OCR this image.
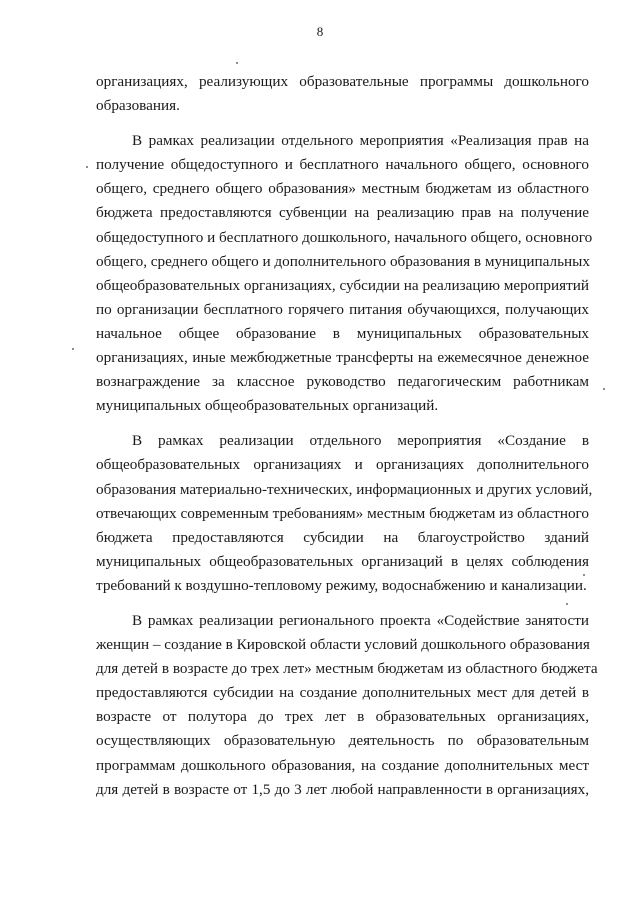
8

организациях, реализующих образовательные программы дошкольного
образования.
В рамках реализации отдельного мероприятия «Реализация прав на
получение общедоступного и бесплатного начального общего, основного
общего, среднего общего образования» местным бюджетам из областного
бюджета предоставляются субвенции на реализацию прав на получение
общедоступного и бесплатного дошкольного, начального общего, основного
общего, среднего общего и дополнительного образования в муниципальных
общеобразовательных организациях, субсидии на реализацию мероприятий
по организации бесплатного горячего питания обучающихся, получающих
начальное общее образование в муниципальных образовательных
организациях, иные межбюджетные трансферты на ежемесячное денежное
вознаграждение за классное руководство педагогическим работникам
муниципальных общеобразовательных организаций.
В рамках реализации отдельного мероприятия «Создание в
общеобразовательных организациях и организациях дополнительного
образования материально-технических, информационных и других условий,
отвечающих современным требованиям» местным бюджетам из областного
бюджета предоставляются субсидии на благоустройство зданий
муниципальных общеобразовательных организаций в целях соблюдения
требований к воздушно-тепловому режиму, водоснабжению и канализации.
В рамках реализации регионального проекта «Содействие занятости
женщин – создание в Кировской области условий дошкольного образования
для детей в возрасте до трех лет» местным бюджетам из областного бюджета
предоставляются субсидии на создание дополнительных мест для детей в
возрасте от полутора до трех лет в образовательных организациях,
осуществляющих образовательную деятельность по образовательным
программам дошкольного образования, на создание дополнительных мест
для детей в возрасте от 1,5 до 3 лет любой направленности в организациях,
